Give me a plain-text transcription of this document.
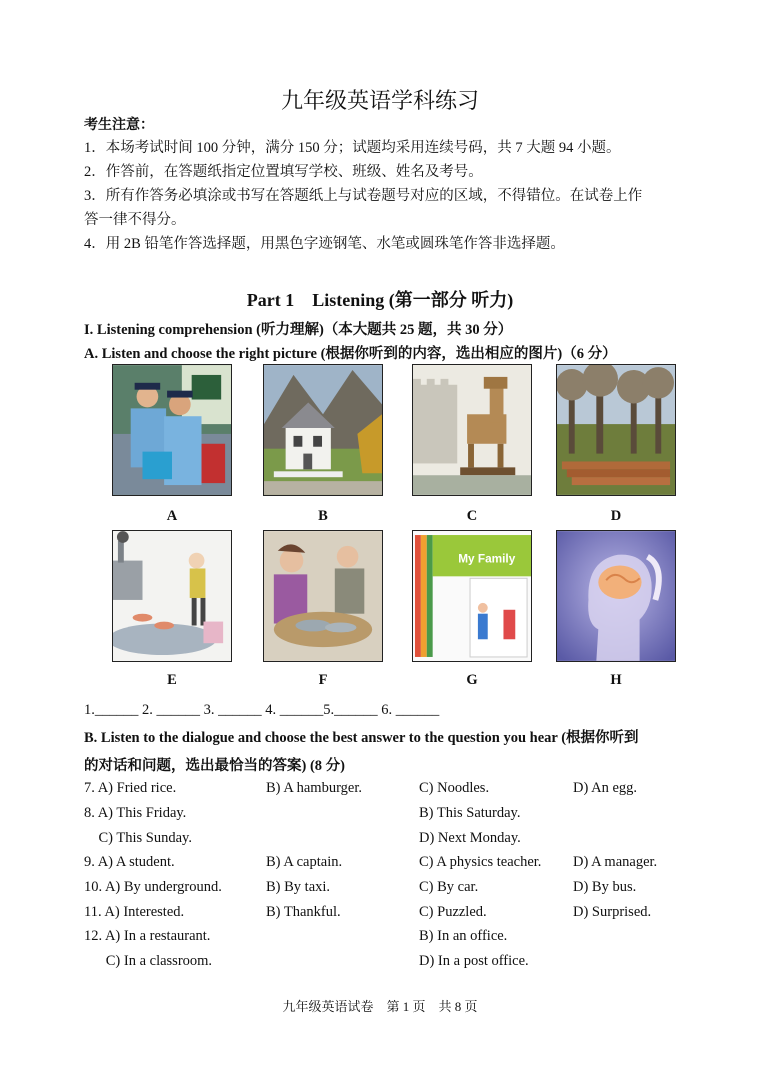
九年级英语学科练习
考生注意：
1．本场考试时间 100 分钟，满分 150 分；试题均采用连续号码，共 7 大题 94 小题。
2．作答前，在答题纸指定位置填写学校、班级、姓名及考号。
3．所有作答务必填涂或书写在答题纸上与试卷题号对应的区域，不得错位。在试卷上作
答一律不得分。
4．用 2B 铅笔作答选择题，用黑色字迹钢笔、水笔或圆珠笔作答非选择题。
Part 1　Listening (第一部分 听力)
I. Listening comprehension (听力理解)（本大题共 25 题，共 30 分）
A. Listen and choose the right picture (根据你听到的内容，选出相应的图片)（6 分）
A	B	C	D
My Family
E	F	G	H
1.______ 2. ______ 3. ______ 4. ______5.______ 6. ______
B. Listen to the dialogue and choose the best answer to the question you hear (根据你听到
的对话和问题，选出最恰当的答案) (8 分)
7. A) Fried rice.	B) A hamburger.	C) Noodles.	D) An egg.
8. A) This Friday.	B) This Saturday.
C) This Sunday.	D) Next Monday.
9. A) A student.	B) A captain.	C) A physics teacher. D) A manager.
10. A) By underground.	B) By taxi.	C) By car.	D) By bus.
11. A) Interested.	B) Thankful.	C) Puzzled.	D) Surprised.
12. A) In a restaurant.	B) In an office.
C) In a classroom.	D) In a post office.
九年级英语试卷　第 1 页　共 8 页
